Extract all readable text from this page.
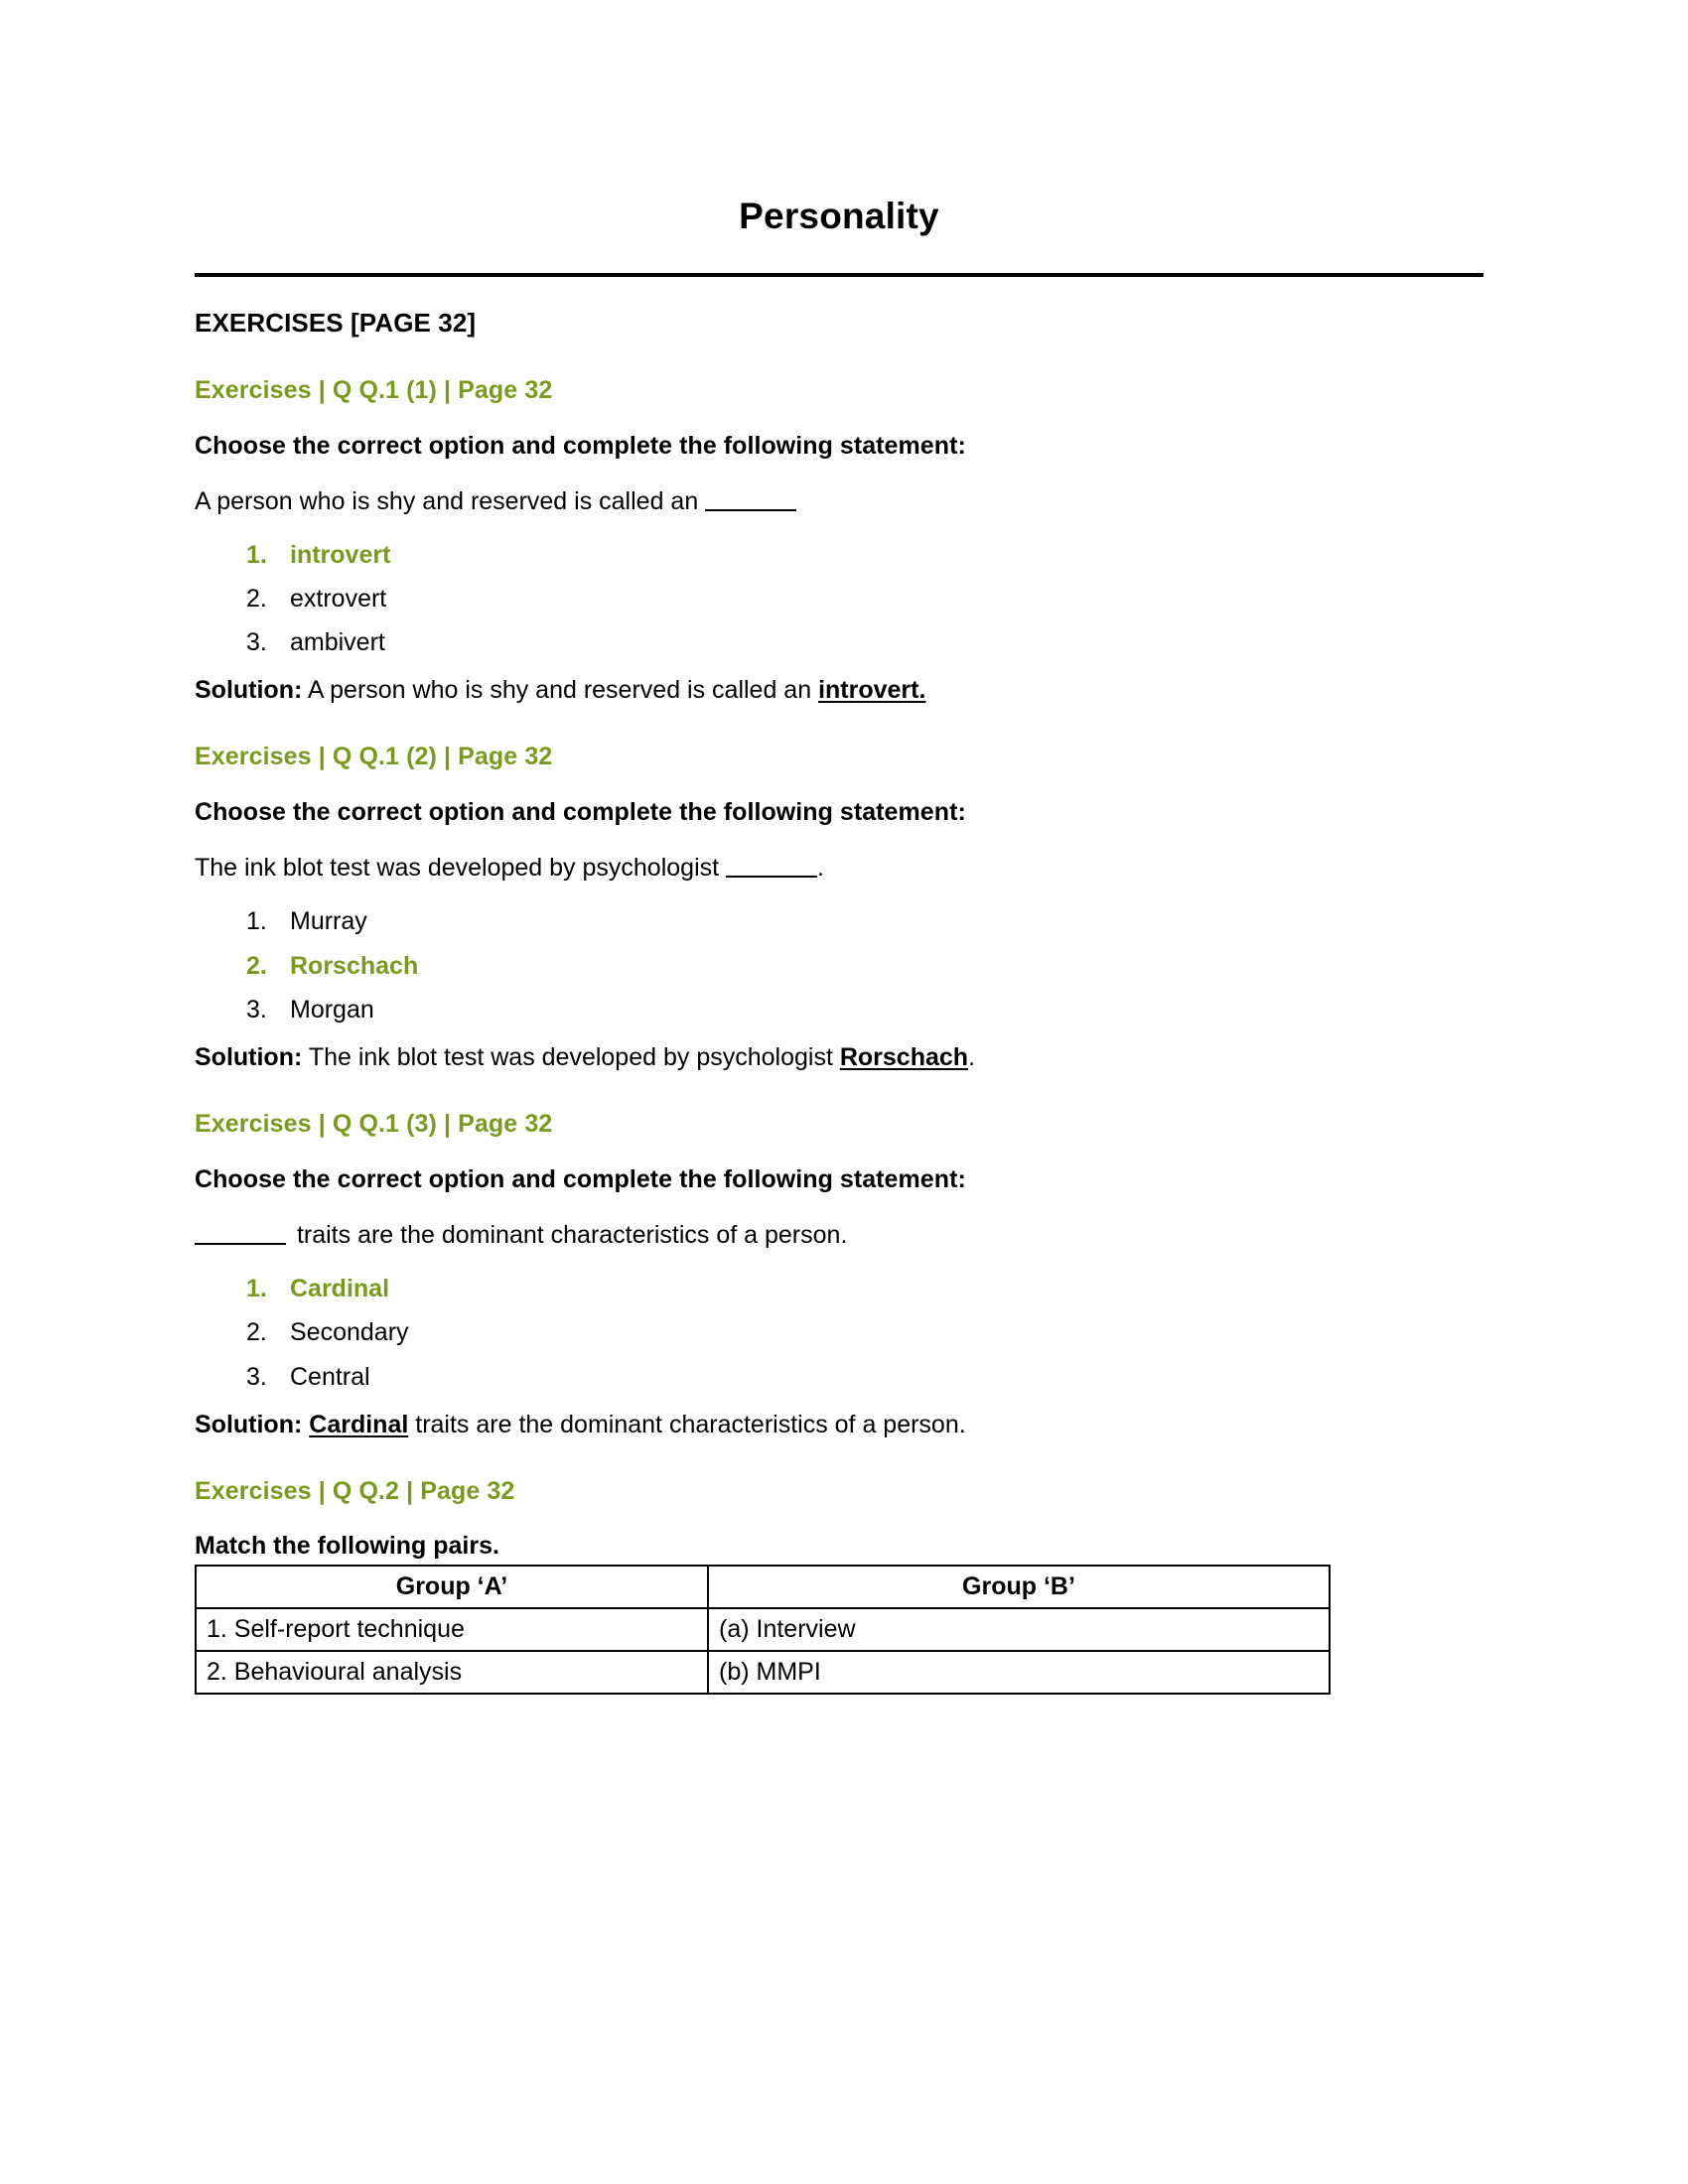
Personality
EXERCISES [PAGE 32]
Exercises | Q Q.1 (1) | Page 32
Choose the correct option and complete the following statement:
A person who is shy and reserved is called an
1. introvert
2. extrovert
3. ambivert
Solution: A person who is shy and reserved is called an introvert.
Exercises | Q Q.1 (2) | Page 32
Choose the correct option and complete the following statement:
The ink blot test was developed by psychologist	.
1. Murray
2. Rorschach
3. Morgan
Solution: The ink blot test was developed by psychologist Rorschach.
Exercises | Q Q.1 (3) | Page 32
Choose the correct option and complete the following statement:
traits are the dominant characteristics of a person.
1. Cardinal
2. Secondary
3. Central
Solution: Cardinal traits are the dominant characteristics of a person.
Exercises | Q Q.2 | Page 32
Match the following pairs.
Group ‘A’	Group ‘B’
1. Self-report technique	(a) Interview
2. Behavioural analysis	(b) MMPI
